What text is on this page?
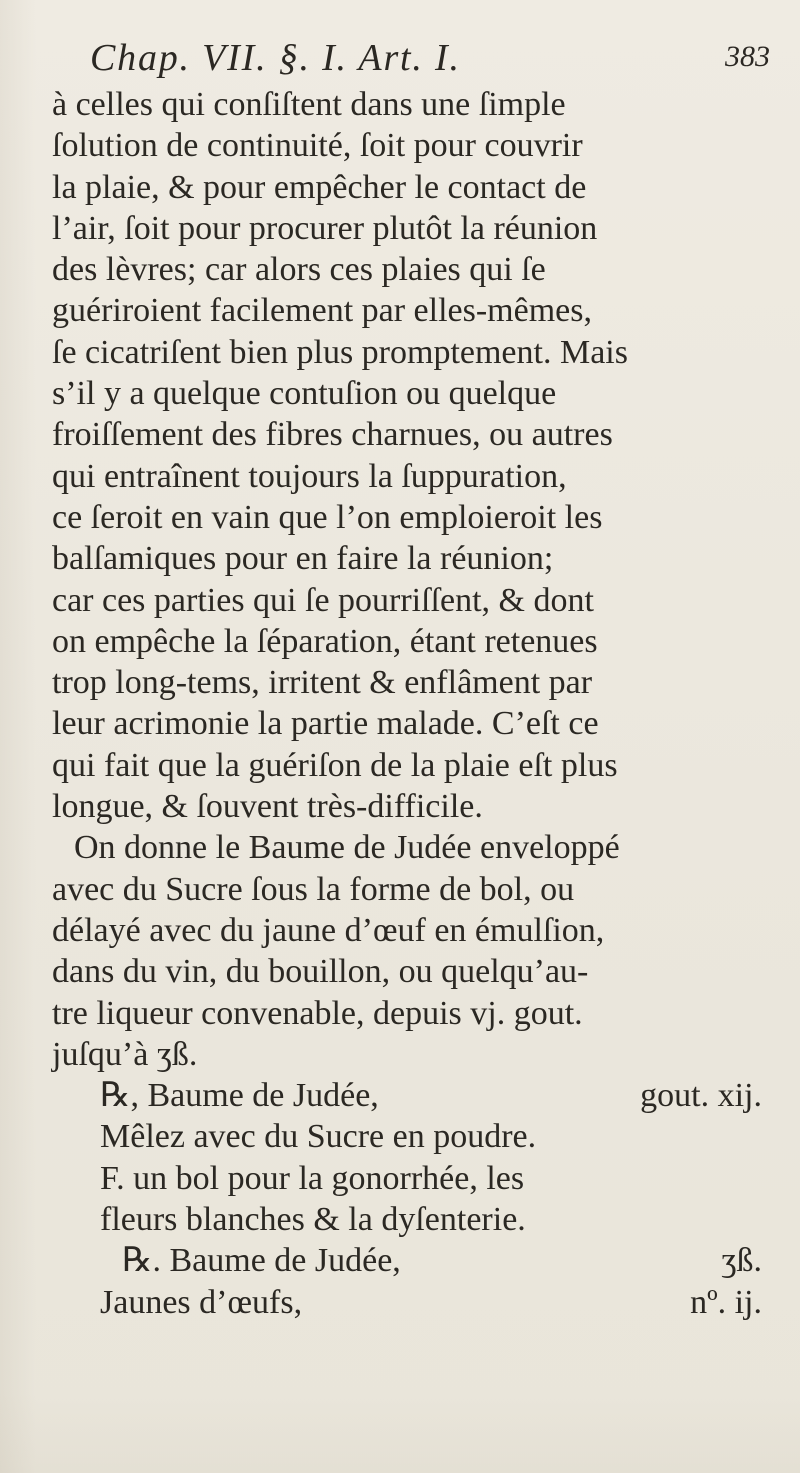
Chap. VII. §. I. Art. I.	383
à celles qui conſiſtent dans une ſimple
ſolution de continuité, ſoit pour couvrir
la plaie, & pour empêcher le contact de
l’air, ſoit pour procurer plutôt la réunion
des lèvres; car alors ces plaies qui ſe
guériroient facilement par elles-mêmes,
ſe cicatriſent bien plus promptement. Mais
s’il y a quelque contuſion ou quelque
froiſſement des fibres charnues, ou autres
qui entraînent toujours la ſuppuration,
ce ſeroit en vain que l’on emploieroit les
balſamiques pour en faire la réunion;
car ces parties qui ſe pourriſſent, & dont
on empêche la ſéparation, étant retenues
trop long-tems, irritent & enflâment par
leur acrimonie la partie malade. C’eſt ce
qui fait que la guériſon de la plaie eſt plus
longue, & ſouvent très-difficile.
On donne le Baume de Judée enveloppé
avec du Sucre ſous la forme de bol, ou
délayé avec du jaune d’œuf en émulſion,
dans du vin, du bouillon, ou quelqu’au-
tre liqueur convenable, depuis vj. gout.
juſqu’à ʒß.
℞, Baume de Judée,	gout. xij.
Mêlez avec du Sucre en poudre.
F. un bol pour la gonorrhée, les
fleurs blanches & la dyſenterie.
℞. Baume de Judée,	ʒß.
Jaunes d’œufs,	nº. ij.
